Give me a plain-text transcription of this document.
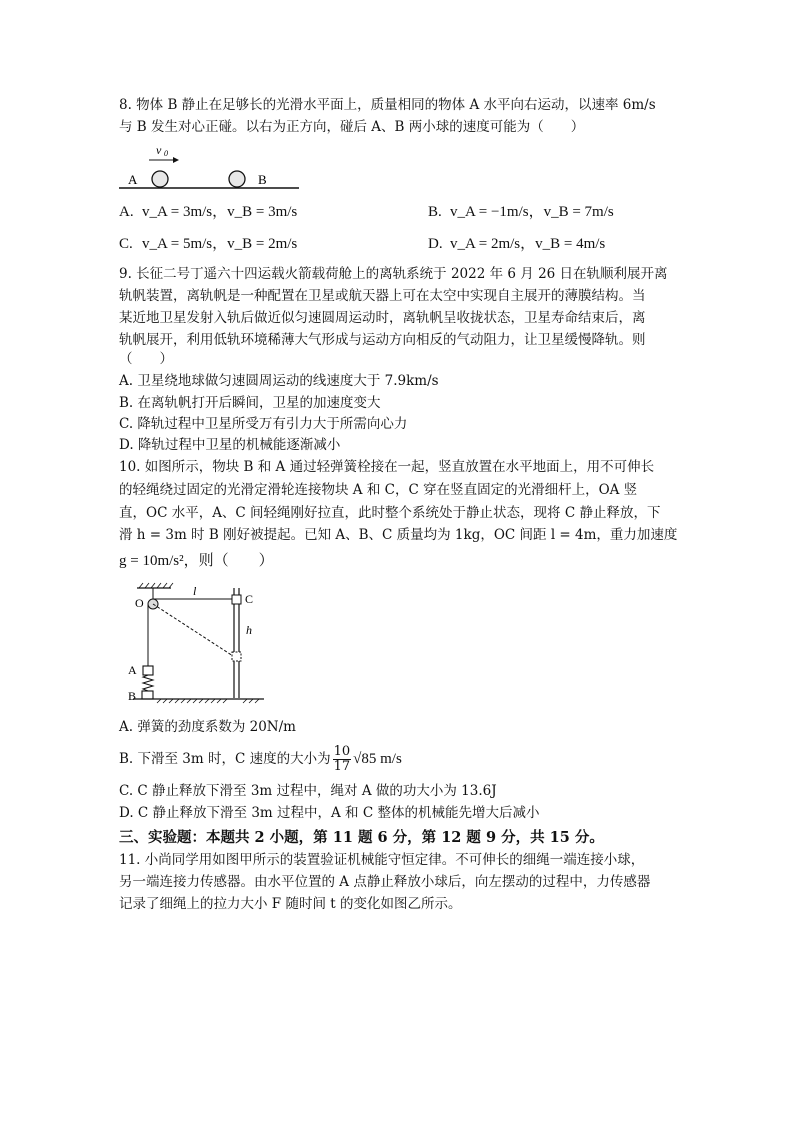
8. 物体 B 静止在足够长的光滑水平面上，质量相同的物体 A 水平向右运动，以速率 6m/s
与 B 发生对心正碰。以右为正方向，碰后 A、B 两小球的速度可能为（　　）
v 0
A	B
A. v_A = 3m/s，v_B = 3m/s	B. v_A = −1m/s，v_B = 7m/s
C. v_A = 5m/s，v_B = 2m/s	D. v_A = 2m/s，v_B = 4m/s
9. 长征二号丁遥六十四运载火箭载荷舱上的离轨系统于 2022 年 6 月 26 日在轨顺利展开离
轨帆装置，离轨帆是一种配置在卫星或航天器上可在太空中实现自主展开的薄膜结构。当
某近地卫星发射入轨后做近似匀速圆周运动时，离轨帆呈收拢状态，卫星寿命结束后，离
轨帆展开，利用低轨环境稀薄大气形成与运动方向相反的气动阻力，让卫星缓慢降轨。则
（　　）
A. 卫星绕地球做匀速圆周运动的线速度大于 7.9km/s
B. 在离轨帆打开后瞬间，卫星的加速度变大
C. 降轨过程中卫星所受万有引力大于所需向心力
D. 降轨过程中卫星的机械能逐渐减小
10. 如图所示，物块 B 和 A 通过轻弹簧栓接在一起，竖直放置在水平地面上，用不可伸长
的轻绳绕过固定的光滑定滑轮连接物块 A 和 C，C 穿在竖直固定的光滑细杆上，OA 竖
直，OC 水平，A、C 间轻绳刚好拉直，此时整个系统处于静止状态，现将 C 静止释放，下
滑 h = 3m 时 B 刚好被提起。已知 A、B、C 质量均为 1kg，OC 间距 l = 4m，重力加速度
g = 10m/s²，则（　　）
O
l
C
h
A
B
A. 弹簧的劲度系数为 20N/m
B. 下滑至 3m 时，C 速度的大小为 $\frac{10}{17} √85$ m/s
C. C 静止释放下滑至 3m 过程中，绳对 A 做的功大小为 13.6J
D. C 静止释放下滑至 3m 过程中，A 和 C 整体的机械能先增大后减小
三、实验题：本题共 2 小题，第 11 题 6 分，第 12 题 9 分，共 15 分。
11. 小尚同学用如图甲所示的装置验证机械能守恒定律。不可伸长的细绳一端连接小球，
另一端连接力传感器。由水平位置的 A 点静止释放小球后，向左摆动的过程中，力传感器
记录了细绳上的拉力大小 F 随时间 t 的变化如图乙所示。
